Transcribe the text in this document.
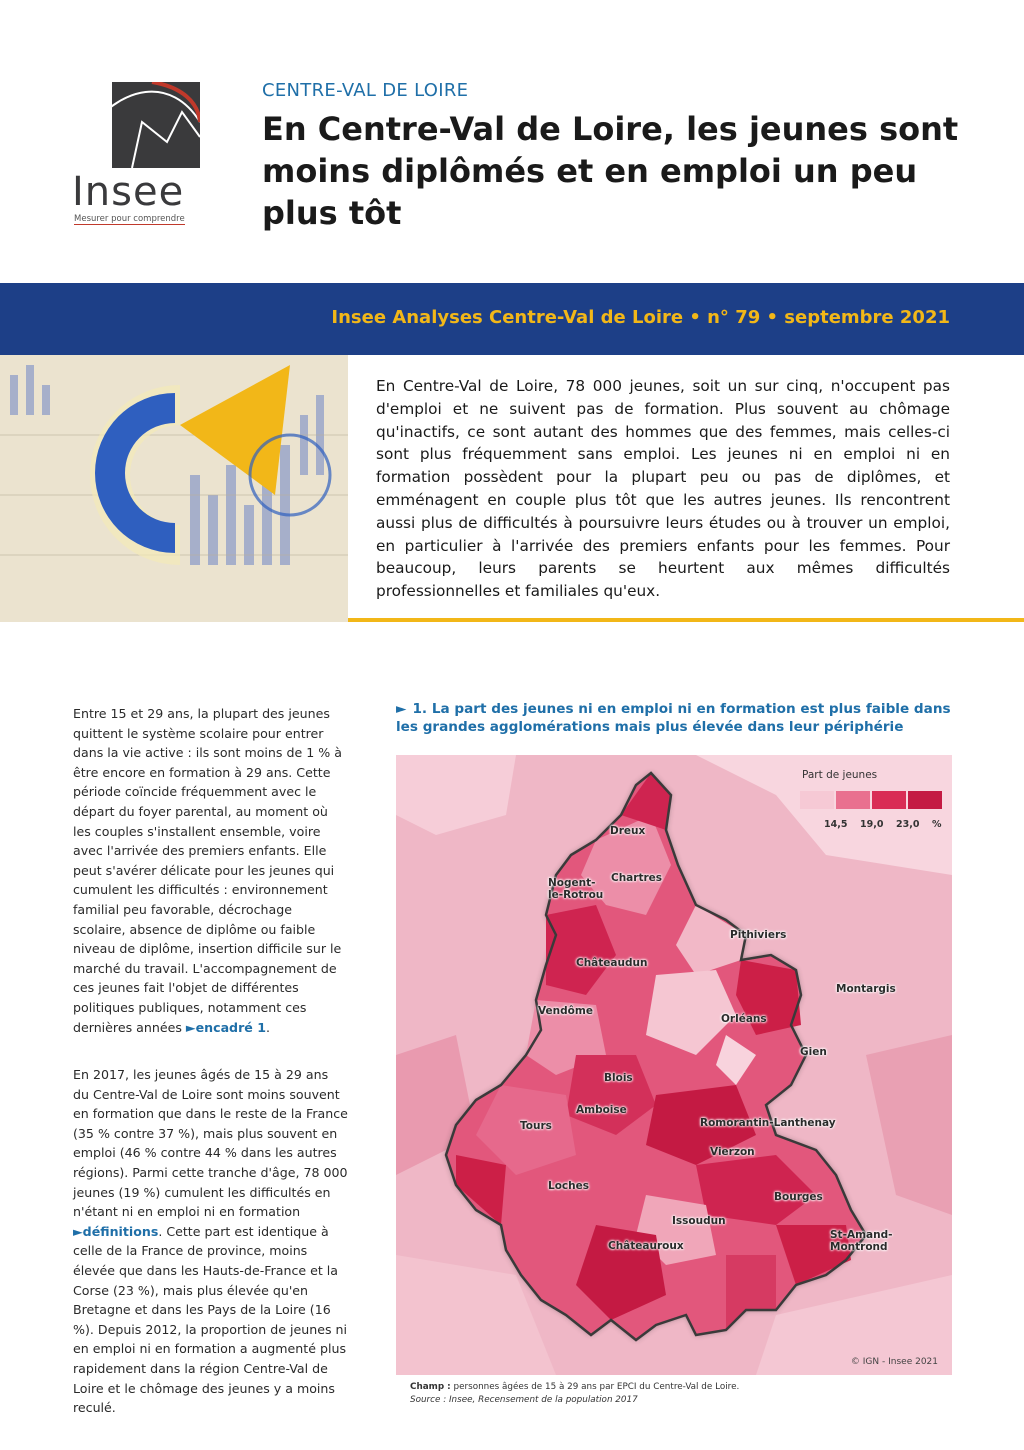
Insee
Mesurer pour comprendre
CENTRE-VAL DE LOIRE
En Centre-Val de Loire, les jeunes sont moins diplômés et en emploi un peu plus tôt
Insee Analyses Centre-Val de Loire • n° 79 • septembre 2021
En Centre-Val de Loire, 78 000 jeunes, soit un sur cinq, n'occupent pas d'emploi et ne suivent pas de formation. Plus souvent au chômage qu'inactifs, ce sont autant des hommes que des femmes, mais celles-ci sont plus fréquemment sans emploi. Les jeunes ni en emploi ni en formation possèdent pour la plupart peu ou pas de diplômes, et emménagent en couple plus tôt que les autres jeunes. Ils rencontrent aussi plus de difficultés à poursuivre leurs études ou à trouver un emploi, en particulier à l'arrivée des premiers enfants pour les femmes. Pour beaucoup, leurs parents se heurtent aux mêmes difficultés professionnelles et familiales qu'eux.
Entre 15 et 29 ans, la plupart des jeunes quittent le système scolaire pour entrer dans la vie active : ils sont moins de 1 % à être encore en formation à 29 ans. Cette période coïncide fréquemment avec le départ du foyer parental, au moment où les couples s'installent ensemble, voire avec l'arrivée des premiers enfants. Elle peut s'avérer délicate pour les jeunes qui cumulent les difficultés : environnement familial peu favorable, décrochage scolaire, absence de diplôme ou faible niveau de diplôme, insertion difficile sur le marché du travail. L'accompagnement de ces jeunes fait l'objet de différentes politiques publiques, notamment ces dernières années ►encadré 1.
En 2017, les jeunes âgés de 15 à 29 ans du Centre-Val de Loire sont moins souvent en formation que dans le reste de la France (35 % contre 37 %), mais plus souvent en emploi (46 % contre 44 % dans les autres régions). Parmi cette tranche d'âge, 78 000 jeunes (19 %) cumulent les difficultés en n'étant ni en emploi ni en formation ►définitions. Cette part est identique à celle de la France de province, moins élevée que dans les Hauts-de-France et la Corse (23 %), mais plus élevée qu'en Bretagne et dans les Pays de la Loire (16 %). Depuis 2012, la proportion de jeunes ni en emploi ni en formation a augmenté plus rapidement dans la région Centre-Val de Loire et le chômage des jeunes y a moins reculé.
► 1. La part des jeunes ni en emploi ni en formation est plus faible dans les grandes agglomérations mais plus élevée dans leur périphérie
Part de jeunes
14,5 19,0 23,0 %
Dreux
Chartres
Nogent-le-Rotrou
Pithiviers
Châteaudun
Montargis
Vendôme
Orléans
Gien
Blois
Amboise
Tours	Romorantin-Lanthenay
Vierzon
Loches
Bourges
Issoudun
Châteauroux
St-Amand-Montrond
© IGN - Insee 2021
Champ : personnes âgées de 15 à 29 ans par EPCI du Centre-Val de Loire.
Source : Insee, Recensement de la population 2017
